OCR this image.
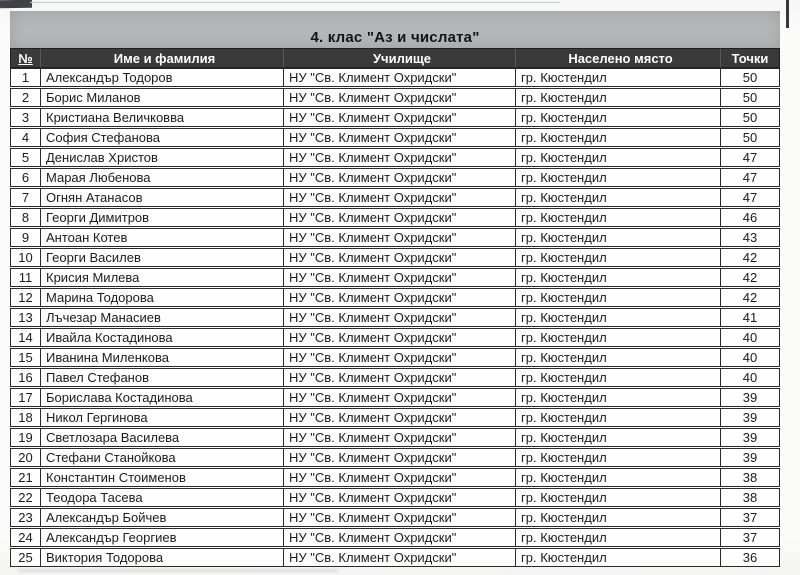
4. клас "Аз и числата"
№	Име и фамилия	Училище	Населено място	Точки
1	Александър Тодоров	НУ "Св. Климент Охридски"	гр. Кюстендил	50
2	Борис Миланов	НУ "Св. Климент Охридски"	гр. Кюстендил	50
3	Кристиана Величковва	НУ "Св. Климент Охридски"	гр. Кюстендил	50
4	София Стефанова	НУ "Св. Климент Охридски"	гр. Кюстендил	50
5	Денислав Христов	НУ "Св. Климент Охридски"	гр. Кюстендил	47
6	Марая Любенова	НУ "Св. Климент Охридски"	гр. Кюстендил	47
7	Огнян Атанасов	НУ "Св. Климент Охридски"	гр. Кюстендил	47
8	Георги Димитров	НУ "Св. Климент Охридски"	гр. Кюстендил	46
9	Антоан Котев	НУ "Св. Климент Охридски"	гр. Кюстендил	43
10	Георги Василев	НУ "Св. Климент Охридски"	гр. Кюстендил	42
11	Крисия Милева	НУ "Св. Климент Охридски"	гр. Кюстендил	42
12	Марина Тодорова	НУ "Св. Климент Охридски"	гр. Кюстендил	42
13	Лъчезар Манасиев	НУ "Св. Климент Охридски"	гр. Кюстендил	41
14	Ивайла Костадинова	НУ "Св. Климент Охридски"	гр. Кюстендил	40
15	Иванина Миленкова	НУ "Св. Климент Охридски"	гр. Кюстендил	40
16	Павел Стефанов	НУ "Св. Климент Охридски"	гр. Кюстендил	40
17	Борислава Костадинова	НУ "Св. Климент Охридски"	гр. Кюстендил	39
18	Никол Гергинова	НУ "Св. Климент Охридски"	гр. Кюстендил	39
19	Светлозара Василева	НУ "Св. Климент Охридски"	гр. Кюстендил	39
20	Стефани Станойкова	НУ "Св. Климент Охридски"	гр. Кюстендил	39
21	Константин Стоименов	НУ "Св. Климент Охридски"	гр. Кюстендил	38
22	Теодора Тасева	НУ "Св. Климент Охридски"	гр. Кюстендил	38
23	Александър Бойчев	НУ "Св. Климент Охридски"	гр. Кюстендил	37
24	Александър Георгиев	НУ "Св. Климент Охридски"	гр. Кюстендил	37
25	Виктория Тодорова	НУ "Св. Климент Охридски"	гр. Кюстендил	36
